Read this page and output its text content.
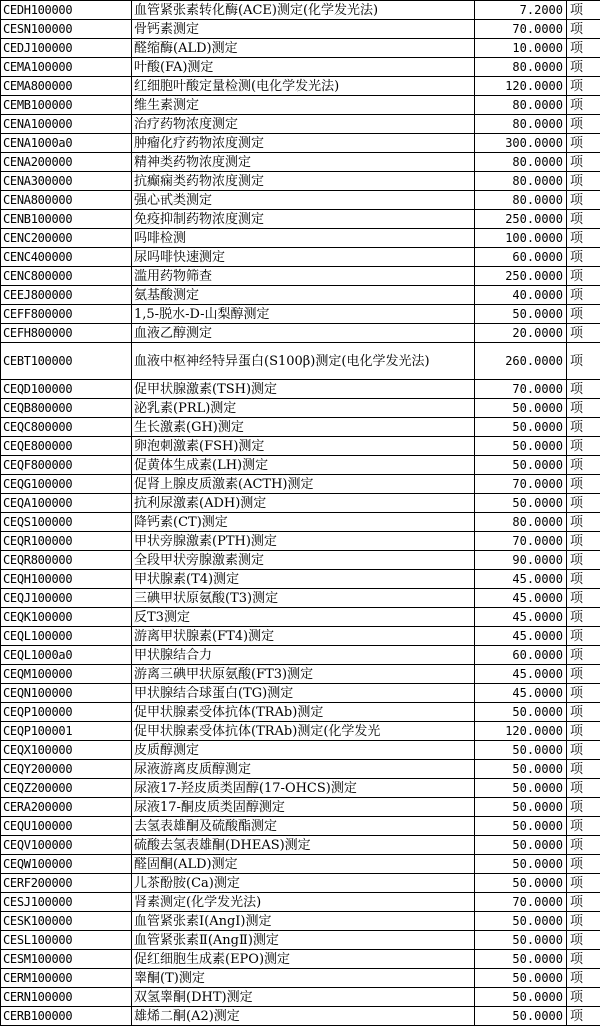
CEDH100000	血管紧张素转化酶(ACE)测定(化学发光法)	7.2000	项
CESN100000	骨钙素测定	70.0000	项
CEDJ100000	醛缩酶(ALD)测定	10.0000	项
CEMA100000	叶酸(FA)测定	80.0000	项
CEMA800000	红细胞叶酸定量检测(电化学发光法)	120.0000	项
CEMB100000	维生素测定	80.0000	项
CENA100000	治疗药物浓度测定	80.0000	项
CENA1000a0	肿瘤化疗药物浓度测定	300.0000	项
CENA200000	精神类药物浓度测定	80.0000	项
CENA300000	抗癫痫类药物浓度测定	80.0000	项
CENA800000	强心甙类测定	80.0000	项
CENB100000	免疫抑制药物浓度测定	250.0000	项
CENC200000	吗啡检测	100.0000	项
CENC400000	尿吗啡快速测定	60.0000	项
CENC800000	滥用药物筛查	250.0000	项
CEEJ800000	氨基酸测定	40.0000	项
CEFF800000	1,5-脱水-D-山梨醇测定	50.0000	项
CEFH800000	血液乙醇测定	20.0000	项
CEBT100000	血液中枢神经特异蛋白(S100β)测定(电化学发光法)	260.0000	项
CEQD100000	促甲状腺激素(TSH)测定	70.0000	项
CEQB800000	泌乳素(PRL)测定	50.0000	项
CEQC800000	生长激素(GH)测定	50.0000	项
CEQE800000	卵泡刺激素(FSH)测定	50.0000	项
CEQF800000	促黄体生成素(LH)测定	50.0000	项
CEQG100000	促肾上腺皮质激素(ACTH)测定	70.0000	项
CEQA100000	抗利尿激素(ADH)测定	50.0000	项
CEQS100000	降钙素(CT)测定	80.0000	项
CEQR100000	甲状旁腺激素(PTH)测定	70.0000	项
CEQR800000	全段甲状旁腺激素测定	90.0000	项
CEQH100000	甲状腺素(T4)测定	45.0000	项
CEQJ100000	三碘甲状原氨酸(T3)测定	45.0000	项
CEQK100000	反T3测定	45.0000	项
CEQL100000	游离甲状腺素(FT4)测定	45.0000	项
CEQL1000a0	甲状腺结合力	60.0000	项
CEQM100000	游离三碘甲状原氨酸(FT3)测定	45.0000	项
CEQN100000	甲状腺结合球蛋白(TG)测定	45.0000	项
CEQP100000	促甲状腺素受体抗体(TRAb)测定	50.0000	项
CEQP100001	促甲状腺素受体抗体(TRAb)测定(化学发光	120.0000	项
CEQX100000	皮质醇测定	50.0000	项
CEQY200000	尿液游离皮质醇测定	50.0000	项
CEQZ200000	尿液17-羟皮质类固醇(17-OHCS)测定	50.0000	项
CERA200000	尿液17-酮皮质类固醇测定	50.0000	项
CEQU100000	去氢表雄酮及硫酸酯测定	50.0000	项
CEQV100000	硫酸去氢表雄酮(DHEAS)测定	50.0000	项
CEQW100000	醛固酮(ALD)测定	50.0000	项
CERF200000	儿茶酚胺(Ca)测定	50.0000	项
CESJ100000	肾素测定(化学发光法)	70.0000	项
CESK100000	血管紧张素Ⅰ(AngⅠ)测定	50.0000	项
CESL100000	血管紧张素Ⅱ(AngⅡ)测定	50.0000	项
CESM100000	促红细胞生成素(EPO)测定	50.0000	项
CERM100000	睾酮(T)测定	50.0000	项
CERN100000	双氢睾酮(DHT)测定	50.0000	项
CERB100000	雄烯二酮(A2)测定	50.0000	项
